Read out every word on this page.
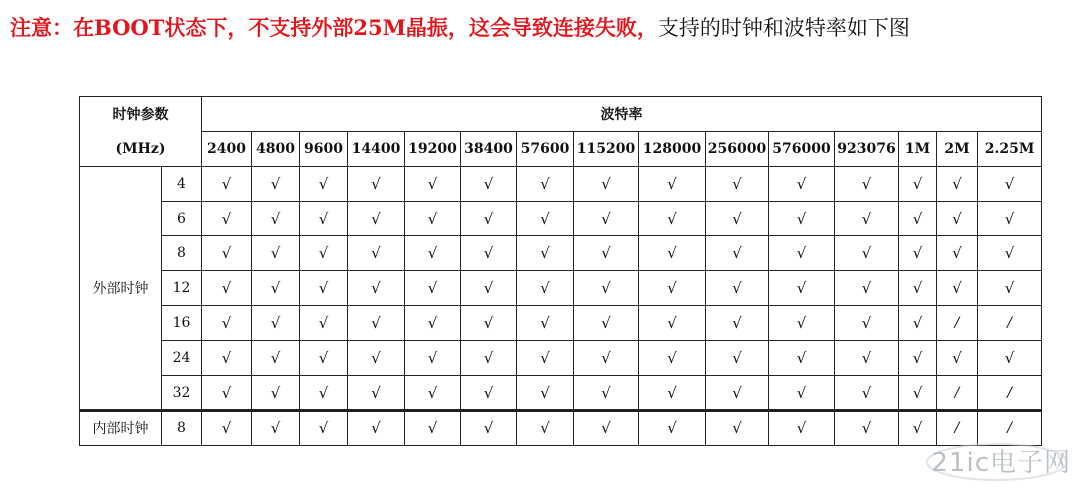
注意：在BOOT状态下，不支持外部25M晶振，这会导致连接失败，支持的时钟和波特率如下图
时钟参数		波特率														
(MHz)		2400	4800	9600	14400	19200	38400	57600	115200	128000	256000	576000	923076	1M	2M	2.25M
外部时钟	4	√	√	√	√	√	√	√	√	√	√	√	√	√	√	√
	6	√	√	√	√	√	√	√	√	√	√	√	√	√	√	√
	8	√	√	√	√	√	√	√	√	√	√	√	√	√	√	√
	12	√	√	√	√	√	√	√	√	√	√	√	√	√	√	√
	16	√	√	√	√	√	√	√	√	√	√	√	√	√	/	/
	24	√	√	√	√	√	√	√	√	√	√	√	√	√	√	√
	32	√	√	√	√	√	√	√	√	√	√	√	√	√	/	/
内部时钟	8	√	√	√	√	√	√	√	√	√	√	√	√	√	/	/
21ic电子网
